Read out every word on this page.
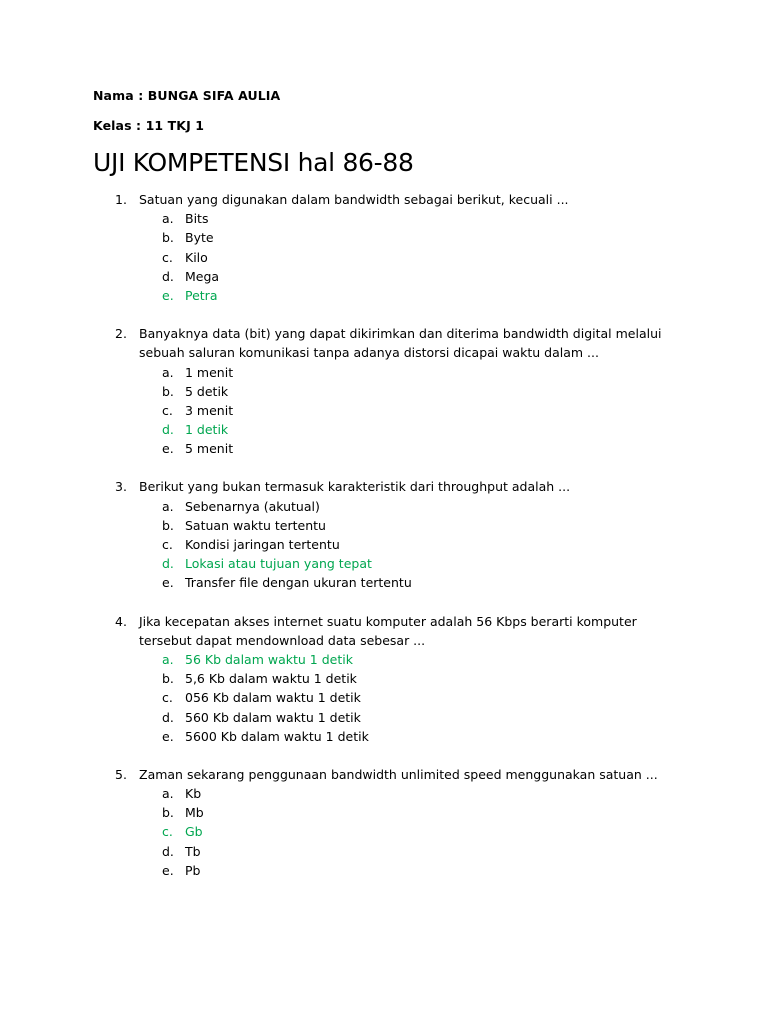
Nama : BUNGA SIFA AULIA
Kelas : 11 TKJ 1
UJI KOMPETENSI hal 86-88
1. Satuan yang digunakan dalam bandwidth sebagai berikut, kecuali ...
a. Bits
b. Byte
c. Kilo
d. Mega
e. Petra
2. Banyaknya data (bit) yang dapat dikirimkan dan diterima bandwidth digital melalui
sebuah saluran komunikasi tanpa adanya distorsi dicapai waktu dalam ...
a. 1 menit
b. 5 detik
c. 3 menit
d. 1 detik
e. 5 menit
3. Berikut yang bukan termasuk karakteristik dari throughput adalah ...
a. Sebenarnya (akutual)
b. Satuan waktu tertentu
c. Kondisi jaringan tertentu
d. Lokasi atau tujuan yang tepat
e. Transfer file dengan ukuran tertentu
4. Jika kecepatan akses internet suatu komputer adalah 56 Kbps berarti komputer
tersebut dapat mendownload data sebesar ...
a. 56 Kb dalam waktu 1 detik
b. 5,6 Kb dalam waktu 1 detik
c. 056 Kb dalam waktu 1 detik
d. 560 Kb dalam waktu 1 detik
e. 5600 Kb dalam waktu 1 detik
5. Zaman sekarang penggunaan bandwidth unlimited speed menggunakan satuan ...
a. Kb
b. Mb
c. Gb
d. Tb
e. Pb
